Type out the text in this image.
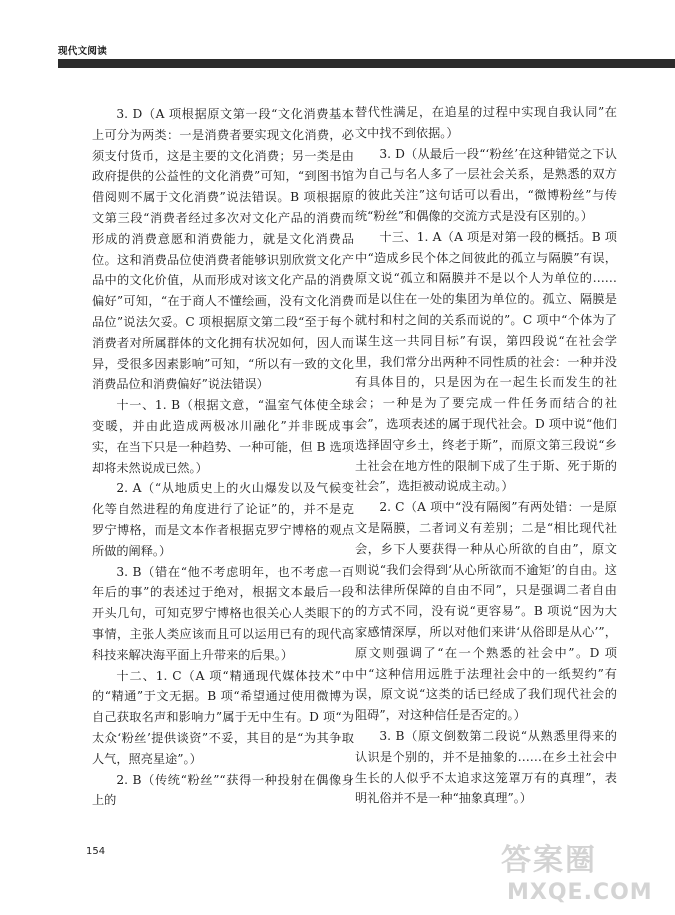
现代文阅读

3. D（A 项根据原文第一段“文化消费基本上可分为两类：一是消费者要实现文化消费，必须支付货币，这是主要的文化消费；另一类是由政府提供的公益性的文化消费”可知，“到图书馆借阅则不属于文化消费”说法错误。B 项根据原文第三段“消费者经过多次对文化产品的消费而形成的消费意愿和消费能力，就是文化消费品位。这和消费品位使消费者能够识别欣赏文化产品中的文化价值，从而形成对该文化产品的消费偏好”可知，“在于商人不懂绘画，没有文化消费品位”说法欠妥。C 项根据原文第二段“至于每个消费者对所属群体的文化拥有状况如何，因人而异，受很多因素影响”可知，“所以有一致的文化消费品位和消费偏好”说法错误）

十一、1. B（根据文意，“温室气体使全球变暖，并由此造成两极冰川融化”并非既成事实，在当下只是一种趋势、一种可能，但 B 选项却将未然说成已然。）

2. A（“从地质史上的火山爆发以及气候变化等自然进程的角度进行了论证”的，并不是克罗宁博格，而是文本作者根据克罗宁博格的观点所做的阐释。）

3. B（错在“他不考虑明年，也不考虑一百年后的事”的表述过于绝对，根据文本最后一段开头几句，可知克罗宁博格也很关心人类眼下的事情，主张人类应该而且可以运用已有的现代高科技来解决海平面上升带来的后果。）

十二、1. C（A 项“精通现代媒体技术”中的“精通”于文无据。B 项“希望通过使用微博为自己获取名声和影响力”属于无中生有。D 项“为太众‘粉丝’提供谈资”不妥，其目的是“为其争取人气，照亮星途”。）

2. B（传统“粉丝”“获得一种投射在偶像身上的

替代性满足，在追星的过程中实现自我认同”在文中找不到依据。）

3. D（从最后一段“‘粉丝’在这种错觉之下认为自己与名人多了一层社会关系，是熟悉的双方的彼此关注”这句话可以看出，“微博粉丝”与传统“粉丝”和偶像的交流方式是没有区别的。）

十三、1. A（A 项是对第一段的概括。B 项中“造成乡民个体之间彼此的孤立与隔膜”有误，原文说“孤立和隔膜并不是以个人为单位的……而是以住在一处的集团为单位的。孤立、隔膜是就村和村之间的关系而说的”。C 项中“个体为了谋生这一共同目标”有误，第四段说“在社会学里，我们常分出两种不同性质的社会：一种并没有具体目的，只是因为在一起生长而发生的社会；一种是为了要完成一件任务而结合的社会”，选项表述的属于现代社会。D 项中说“他们选择固守乡土，终老于斯”，而原文第三段说“乡土社会在地方性的限制下成了生于斯、死于斯的社会”，选拒被动说成主动。）

2. C（A 项中“没有隔阂”有两处错：一是原文是隔膜，二者词义有差别；二是“相比现代社会，乡下人要获得一种从心所欲的自由”，原文则说“我们会得到‘从心所欲而不逾矩’的自由。这和法律所保障的自由不同”，只是强调二者自由的方式不同，没有说“更容易”。B 项说“因为大家感情深厚，所以对他们来讲‘从俗即是从心’”，原文则强调了“在一个熟悉的社会中”。D 项中“这种信用远胜于法理社会中的一纸契约”有误，原文说“这类的话已经成了我们现代社会的阻碍”，对这种信任是否定的。）

3. B（原文倒数第二段说“从熟悉里得来的认识是个别的，并不是抽象的……在乡土社会中生长的人似乎不太追求这笼罩万有的真理”，表明礼俗并不是一种“抽象真理”。）

154	答案圈
MXQE.COM
